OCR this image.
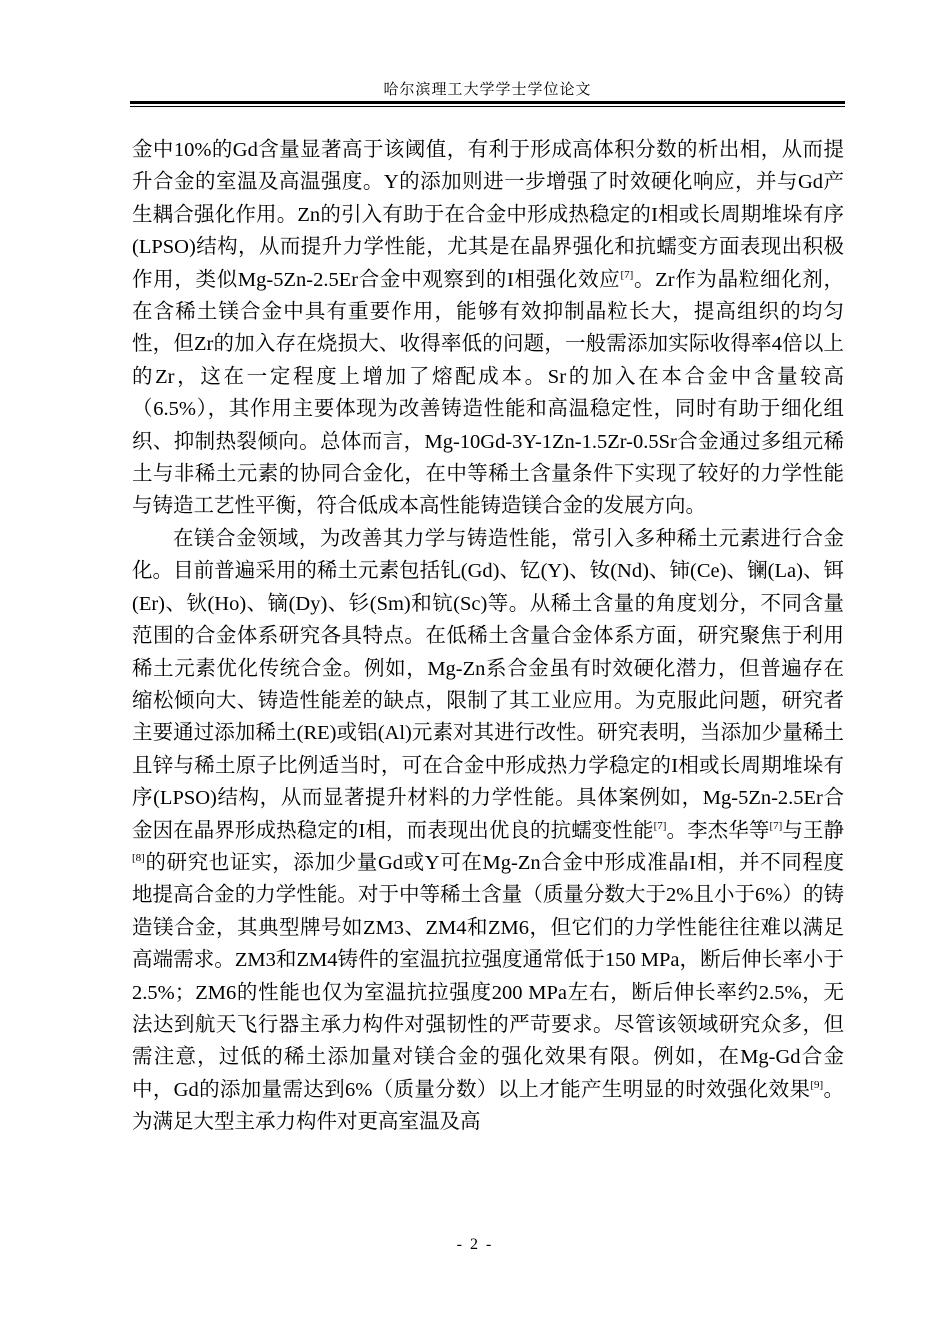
哈尔滨理工大学学士学位论文

金中10%的Gd含量显著高于该阈值，有利于形成高体积分数的析出相，从而提升合金的室温及高温强度。Y的添加则进一步增强了时效硬化响应，并与Gd产生耦合强化作用。Zn的引入有助于在合金中形成热稳定的I相或长周期堆垛有序(LPSO)结构，从而提升力学性能，尤其是在晶界强化和抗蠕变方面表现出积极作用，类似Mg-5Zn-2.5Er合金中观察到的I相强化效应[7]。Zr作为晶粒细化剂，在含稀土镁合金中具有重要作用，能够有效抑制晶粒长大，提高组织的均匀性，但Zr的加入存在烧损大、收得率低的问题，一般需添加实际收得率4倍以上的Zr，这在一定程度上增加了熔配成本。Sr的加入在本合金中含量较高（6.5%），其作用主要体现为改善铸造性能和高温稳定性，同时有助于细化组织、抑制热裂倾向。总体而言，Mg-10Gd-3Y-1Zn-1.5Zr-0.5Sr合金通过多组元稀土与非稀土元素的协同合金化，在中等稀土含量条件下实现了较好的力学性能与铸造工艺性平衡，符合低成本高性能铸造镁合金的发展方向。

在镁合金领域，为改善其力学与铸造性能，常引入多种稀土元素进行合金化。目前普遍采用的稀土元素包括钆(Gd)、钇(Y)、钕(Nd)、铈(Ce)、镧(La)、铒(Er)、钬(Ho)、镝(Dy)、钐(Sm)和钪(Sc)等。从稀土含量的角度划分，不同含量范围的合金体系研究各具特点。在低稀土含量合金体系方面，研究聚焦于利用稀土元素优化传统合金。例如，Mg-Zn系合金虽有时效硬化潜力，但普遍存在缩松倾向大、铸造性能差的缺点，限制了其工业应用。为克服此问题，研究者主要通过添加稀土(RE)或铝(Al)元素对其进行改性。研究表明，当添加少量稀土且锌与稀土原子比例适当时，可在合金中形成热力学稳定的I相或长周期堆垛有序(LPSO)结构，从而显著提升材料的力学性能。具体案例如，Mg-5Zn-2.5Er合金因在晶界形成热稳定的I相，而表现出优良的抗蠕变性能[7]。李杰华等[7]与王静[8]的研究也证实，添加少量Gd或Y可在Mg-Zn合金中形成准晶I相，并不同程度地提高合金的力学性能。对于中等稀土含量（质量分数大于2%且小于6%）的铸造镁合金，其典型牌号如ZM3、ZM4和ZM6，但它们的力学性能往往难以满足高端需求。ZM3和ZM4铸件的室温抗拉强度通常低于150 MPa，断后伸长率小于2.5%；ZM6的性能也仅为室温抗拉强度200 MPa左右，断后伸长率约2.5%，无法达到航天飞行器主承力构件对强韧性的严苛要求。尽管该领域研究众多，但需注意，过低的稀土添加量对镁合金的强化效果有限。例如，在Mg-Gd合金中，Gd的添加量需达到6%（质量分数）以上才能产生明显的时效强化效果[9]。为满足大型主承力构件对更高室温及高

- 2 -
